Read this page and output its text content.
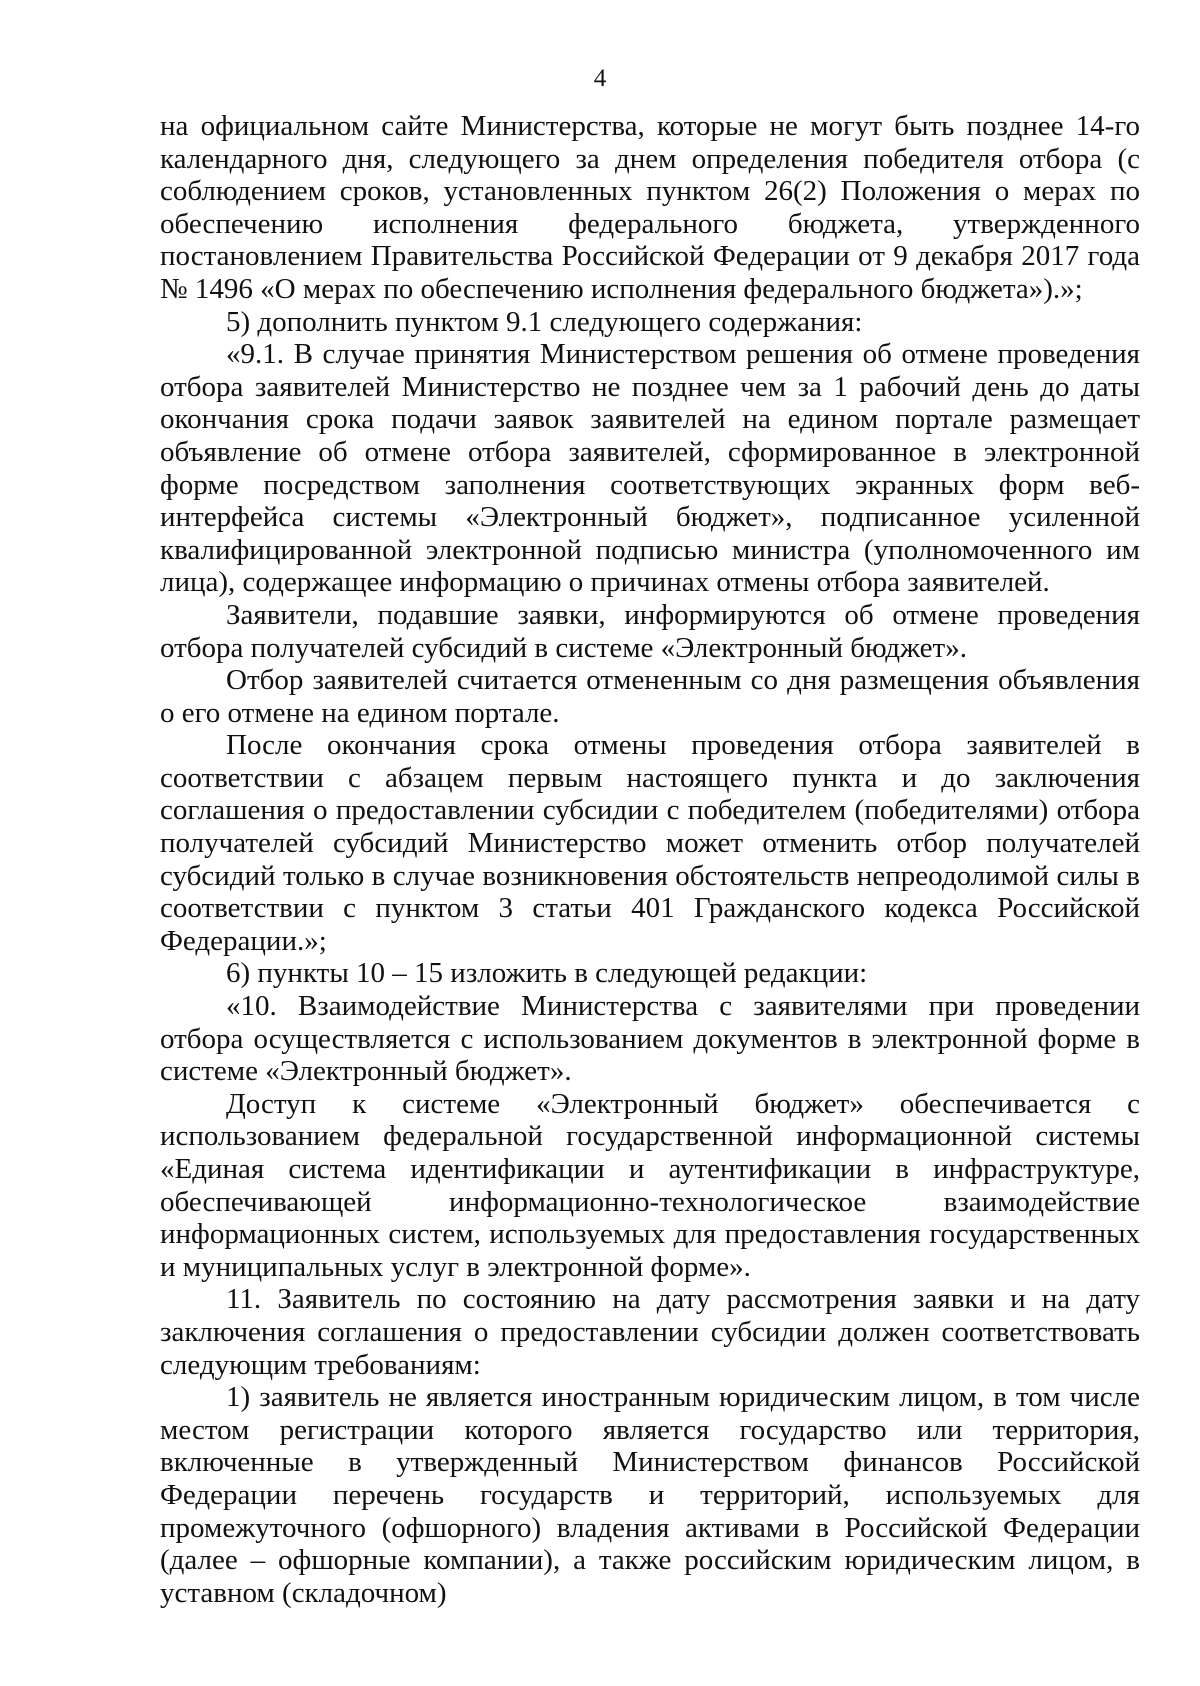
4

на официальном сайте Министерства, которые не могут быть позднее 14-го календарного дня, следующего за днем определения победителя отбора (с соблюдением сроков, установленных пунктом 26(2) Положения о мерах по обеспечению исполнения федерального бюджета, утвержденного постановлением Правительства Российской Федерации от 9 декабря 2017 года № 1496 «О мерах по обеспечению исполнения федерального бюджета»).»;

5) дополнить пунктом 9.1 следующего содержания:

«9.1. В случае принятия Министерством решения об отмене проведения отбора заявителей Министерство не позднее чем за 1 рабочий день до даты окончания срока подачи заявок заявителей на едином портале размещает объявление об отмене отбора заявителей, сформированное в электронной форме посредством заполнения соответствующих экранных форм веб-интерфейса системы «Электронный бюджет», подписанное усиленной квалифицированной электронной подписью министра (уполномоченного им лица), содержащее информацию о причинах отмены отбора заявителей.

Заявители, подавшие заявки, информируются об отмене проведения отбора получателей субсидий в системе «Электронный бюджет».

Отбор заявителей считается отмененным со дня размещения объявления о его отмене на едином портале.

После окончания срока отмены проведения отбора заявителей в соответствии с абзацем первым настоящего пункта и до заключения соглашения о предоставлении субсидии с победителем (победителями) отбора получателей субсидий Министерство может отменить отбор получателей субсидий только в случае возникновения обстоятельств непреодолимой силы в соответствии с пунктом 3 статьи 401 Гражданского кодекса Российской Федерации.»;

6) пункты 10 – 15 изложить в следующей редакции:

«10. Взаимодействие Министерства с заявителями при проведении отбора осуществляется с использованием документов в электронной форме в системе «Электронный бюджет».

Доступ к системе «Электронный бюджет» обеспечивается с использованием федеральной государственной информационной системы «Единая система идентификации и аутентификации в инфраструктуре, обеспечивающей информационно-технологическое взаимодействие информационных систем, используемых для предоставления государственных и муниципальных услуг в электронной форме».

11. Заявитель по состоянию на дату рассмотрения заявки и на дату заключения соглашения о предоставлении субсидии должен соответствовать следующим требованиям:

1) заявитель не является иностранным юридическим лицом, в том числе местом регистрации которого является государство или территория, включенные в утвержденный Министерством финансов Российской Федерации перечень государств и территорий, используемых для промежуточного (офшорного) владения активами в Российской Федерации (далее – офшорные компании), а также российским юридическим лицом, в уставном (складочном)
